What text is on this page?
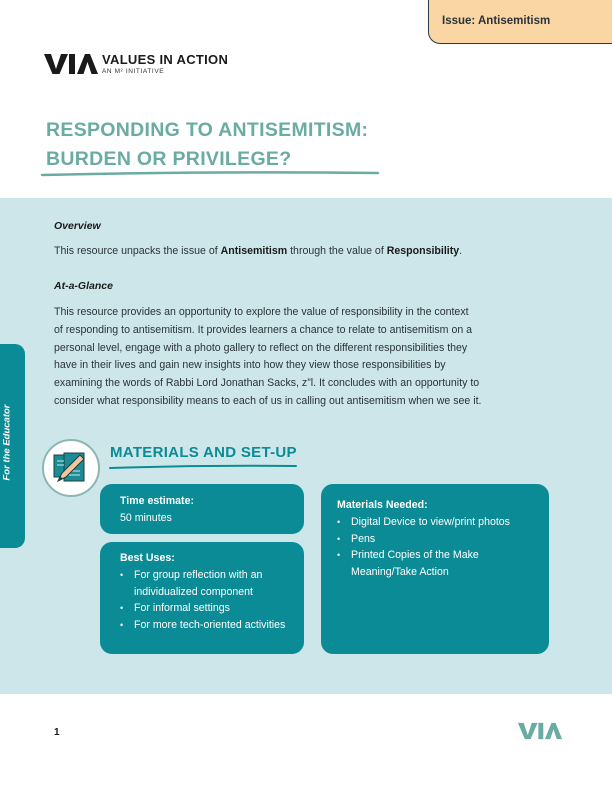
Issue: Antisemitism
VALUES IN ACTION
AN M² INITIATIVE
RESPONDING TO ANTISEMITISM:
BURDEN OR PRIVILEGE?
Overview
This resource unpacks the issue of Antisemitism through the value of Responsibility.
At-a-Glance
This resource provides an opportunity to explore the value of responsibility in the context
of responding to antisemitism. It provides learners a chance to relate to antisemitism on a
personal level, engage with a photo gallery to reflect on the different responsibilities they
have in their lives and gain new insights into how they view those responsibilities by
examining the words of Rabbi Lord Jonathan Sacks, z”l. It concludes with an opportunity to
consider what responsibility means to each of us in calling out antisemitism when we see it.
For the Educator	MATERIALS AND SET-UP
Time estimate:
50 minutes
Best Uses:
• For group reflection with an individualized component
• For informal settings
• For more tech-oriented activities
Materials Needed:
• Digital Device to view/print photos
• Pens
• Printed Copies of the Make Meaning/Take Action
1
